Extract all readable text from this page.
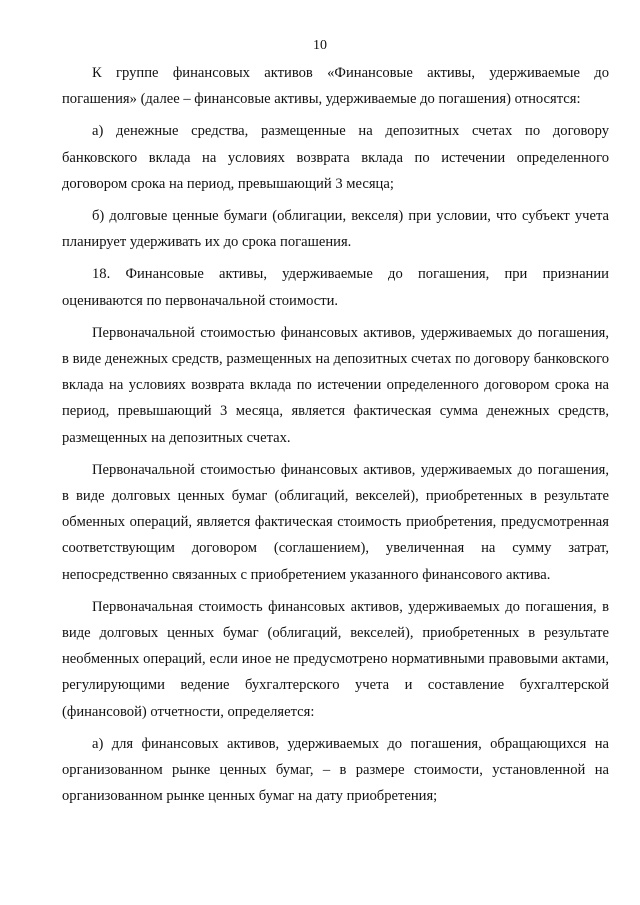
10

К группе финансовых активов «Финансовые активы, удерживаемые до погашения» (далее – финансовые активы, удерживаемые до погашения) относятся:

а) денежные средства, размещенные на депозитных счетах по договору банковского вклада на условиях возврата вклада по истечении определенного договором срока на период, превышающий 3 месяца;

б) долговые ценные бумаги (облигации, векселя) при условии, что субъект учета планирует удерживать их до срока погашения.

18. Финансовые активы, удерживаемые до погашения, при признании оцениваются по первоначальной стоимости.

Первоначальной стоимостью финансовых активов, удерживаемых до погашения, в виде денежных средств, размещенных на депозитных счетах по договору банковского вклада на условиях возврата вклада по истечении определенного договором срока на период, превышающий 3 месяца, является фактическая сумма денежных средств, размещенных на депозитных счетах.

Первоначальной стоимостью финансовых активов, удерживаемых до погашения, в виде долговых ценных бумаг (облигаций, векселей), приобретенных в результате обменных операций, является фактическая стоимость приобретения, предусмотренная соответствующим договором (соглашением), увеличенная на сумму затрат, непосредственно связанных с приобретением указанного финансового актива.

Первоначальная стоимость финансовых активов, удерживаемых до погашения, в виде долговых ценных бумаг (облигаций, векселей), приобретенных в результате необменных операций, если иное не предусмотрено нормативными правовыми актами, регулирующими ведение бухгалтерского учета и составление бухгалтерской (финансовой) отчетности, определяется:

а) для финансовых активов, удерживаемых до погашения, обращающихся на организованном рынке ценных бумаг, – в размере стоимости, установленной на организованном рынке ценных бумаг на дату приобретения;
